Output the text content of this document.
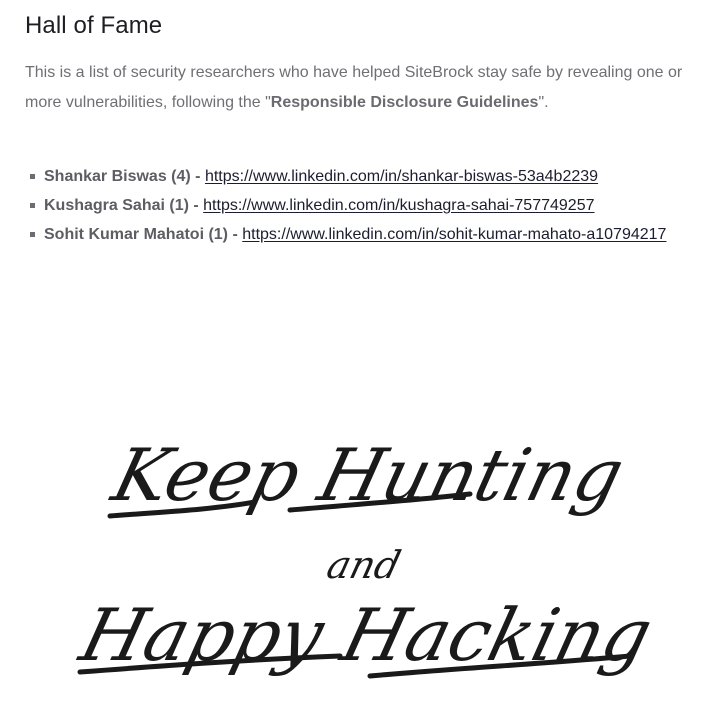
Hall of Fame
This is a list of security researchers who have helped SiteBrock stay safe by revealing one or more vulnerabilities, following the "Responsible Disclosure Guidelines".
Shankar Biswas (4) - https://www.linkedin.com/in/shankar-biswas-53a4b2239
Kushagra Sahai (1) - https://www.linkedin.com/in/kushagra-sahai-757749257
Sohit Kumar Mahatoi (1) - https://www.linkedin.com/in/sohit-kumar-mahato-a10794217
Keep Hunting
and
Happy Hacking
